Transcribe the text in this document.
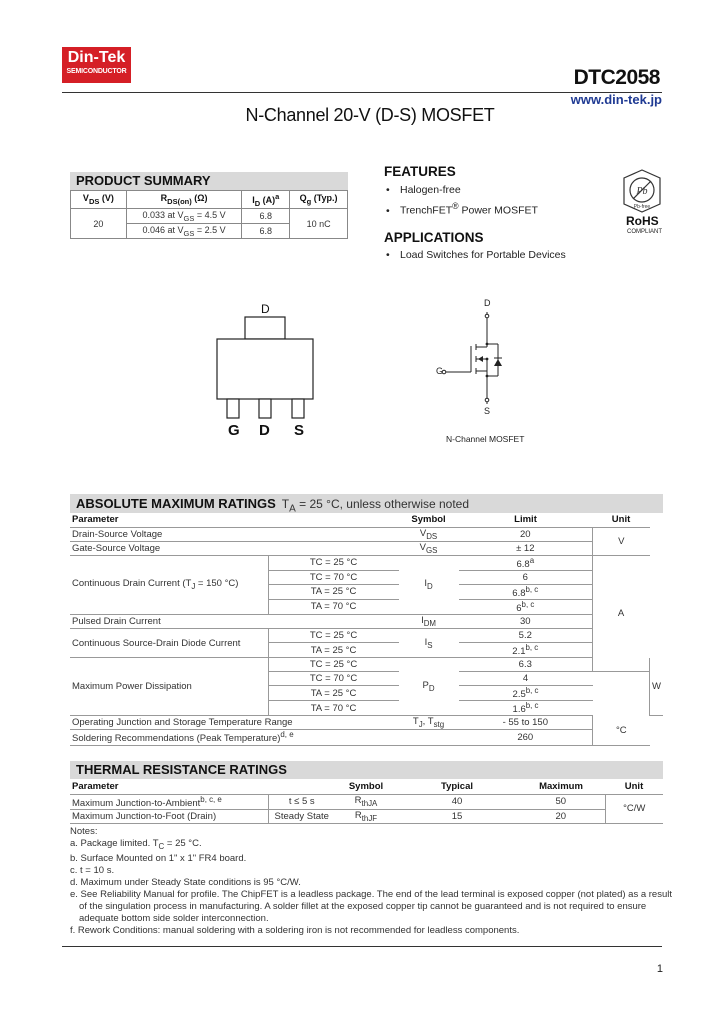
Din-Tek
SEMICONDUCTOR	DTC2058
www.din-tek.jp
N-Channel 20-V (D-S) MOSFET
PRODUCT SUMMARY
$V_{DS}$ (V)	$R_{DS(on)}$ (Ω)	$I_D$ $(A)^a$	$Q_g$ (Typ.)
20	0.033 at $V_{GS} = 4.5$ V	6.8	10 nC
	0.046 at $V_{GS} = 2.5$ V	6.8	
FEATURES
• Halogen-free
• TrenchFET® Power MOSFET
APPLICATIONS
• Load Switches for Portable Devices
Pb
Pb-free
RoHS
COMPLIANT
D
G D S
D
G
S
N-Channel MOSFET
ABSOLUTE MAXIMUM RATINGS  $T_A = 25$ °C, unless otherwise noted
Parameter		Symbol	Limit	Unit	
Drain-Source Voltage		$V_{DS}$	20	V	
Gate-Source Voltage		$V_{GS}$	± 12		
Continuous Drain Current ($T_J = 150$ °C)	TC = 25 °C	$I_D$	6.8$^a$	A	
	TC = 70 °C		6		
	TA = 25 °C		6.8$^{b, c}$
	TA = 70 °C		6$^{b, c}$
Pulsed Drain Current		$I_{DM}$	30		
Continuous Source-Drain Diode Current	TC = 25 °C	$I_S$	5.2		
	TA = 25 °C		2.1$^{b, c}$
Maximum Power Dissipation	TC = 25 °C	$P_D$	6.3		W
	TC = 70 °C		4		
	TA = 25 °C		2.5$^{b, c}$
	TA = 70 °C		1.6$^{b, c}$
Operating Junction and Storage Temperature Range		$T_J$, $T_{stg}$	- 55 to 150	°C	
Soldering Recommendations (Peak Temperature)$^{d, e}$			260		
THERMAL RESISTANCE RATINGS
Parameter		Symbol	Typical	Maximum	Unit
Maximum Junction-to-Ambient$^{b, c, e}$	t ≤ 5 s	$R_{thJA}$	40	50	°C/W
Maximum Junction-to-Foot (Drain)	Steady State	$R_{thJF}$	15	20	
Notes:
a. Package limited. $T_C = 25$ °C.
b. Surface Mounted on 1" x 1" FR4 board.
c. t = 10 s.
d. Maximum under Steady State conditions is 95 °C/W.
e. See Reliability Manual for profile. The ChipFET is a leadless package. The end of the lead terminal is exposed copper (not plated) as a result
of the singulation process in manufacturing. A solder fillet at the exposed copper tip cannot be guaranteed and is not required to ensure
adequate bottom side solder interconnection.
f. Rework Conditions: manual soldering with a soldering iron is not recommended for leadless components.
1
